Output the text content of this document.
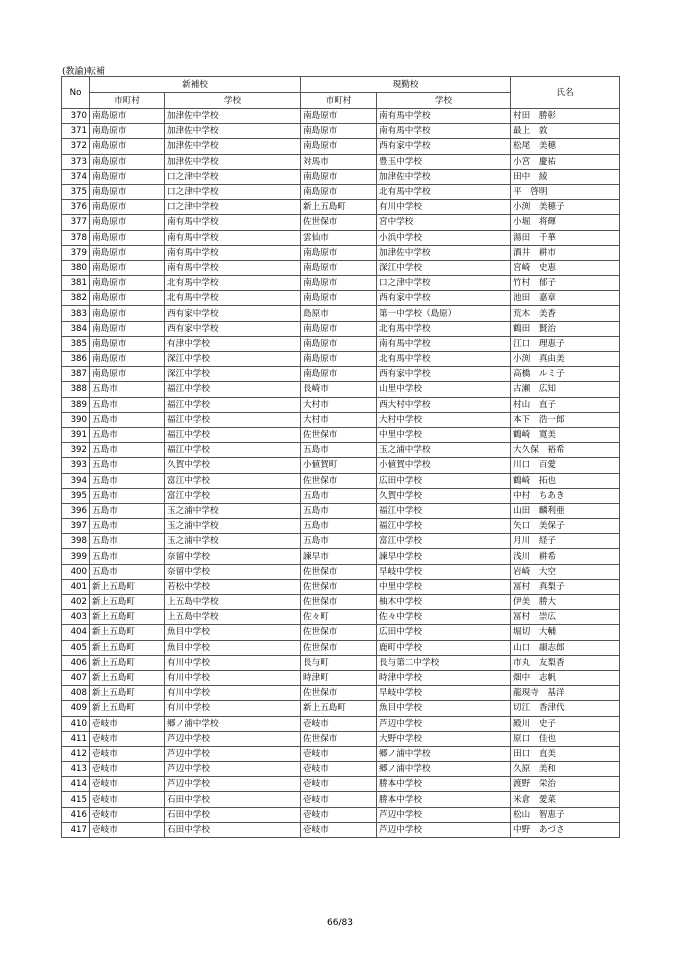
(教諭)転補
No	新補校		現勤校		氏名
	市町村	学校	市町村	学校	
370	南島原市	加津佐中学校	南島原市	南有馬中学校	村田　勝彰
371	南島原市	加津佐中学校	南島原市	南有馬中学校	最上　敦
372	南島原市	加津佐中学校	南島原市	西有家中学校	松尾　美穂
373	南島原市	加津佐中学校	対馬市	豊玉中学校	小宮　慶祐
374	南島原市	口之津中学校	南島原市	加津佐中学校	田中　綾
375	南島原市	口之津中学校	南島原市	北有馬中学校	平　啓明
376	南島原市	口之津中学校	新上五島町	有川中学校	小渕　美穂子
377	南島原市	南有馬中学校	佐世保市	宮中学校	小堀　将輝
378	南島原市	南有馬中学校	雲仙市	小浜中学校	湯田　千華
379	南島原市	南有馬中学校	南島原市	加津佐中学校	酒井　耕市
380	南島原市	南有馬中学校	南島原市	深江中学校	宮崎　史恵
381	南島原市	北有馬中学校	南島原市	口之津中学校	竹村　郁子
382	南島原市	北有馬中学校	南島原市	西有家中学校	池田　嘉章
383	南島原市	西有家中学校	島原市	第一中学校（島原）	荒木　美香
384	南島原市	西有家中学校	南島原市	北有馬中学校	鶴田　賢治
385	南島原市	有津中学校	南島原市	南有馬中学校	江口　理恵子
386	南島原市	深江中学校	南島原市	北有馬中学校	小渕　真由美
387	南島原市	深江中学校	南島原市	西有家中学校	高橋　ルミ子
388	五島市	福江中学校	長崎市	山里中学校	古瀬　広知
389	五島市	福江中学校	大村市	西大村中学校	村山　直子
390	五島市	福江中学校	大村市	大村中学校	本下　浩一郎
391	五島市	福江中学校	佐世保市	中里中学校	鶴崎　寛美
392	五島市	福江中学校	五島市	玉之浦中学校	大久保　裕希
393	五島市	久賀中学校	小値賀町	小値賀中学校	川口　百愛
394	五島市	富江中学校	佐世保市	広田中学校	鶴崎　拓也
395	五島市	富江中学校	五島市	久賀中学校	中村　ちあき
396	五島市	玉之浦中学校	五島市	福江中学校	山田　麟利亜
397	五島市	玉之浦中学校	五島市	福江中学校	矢口　美保子
398	五島市	玉之浦中学校	五島市	富江中学校	月川　経子
399	五島市	奈留中学校	諫早市	諫早中学校	浅川　耕希
400	五島市	奈留中学校	佐世保市	早岐中学校	岩崎　大空
401	新上五島町	若松中学校	佐世保市	中里中学校	冨村　真梨子
402	新上五島町	上五島中学校	佐世保市	柚木中学校	伊美　勝大
403	新上五島町	上五島中学校	佐々町	佐々中学校	冨村　崇広
404	新上五島町	魚目中学校	佐世保市	広田中学校	堀切　大輔
405	新上五島町	魚目中学校	佐世保市	鹿町中学校	山口　韻志郎
406	新上五島町	有川中学校	長与町	長与第二中学校	市丸　友梨香
407	新上五島町	有川中学校	時津町	時津中学校	畑中　志帆
408	新上五島町	有川中学校	佐世保市	早岐中学校	龍現寺　基洋
409	新上五島町	有川中学校	新上五島町	魚目中学校	切江　香津代
410	壱岐市	郷ノ浦中学校	壱岐市	芦辺中学校	殿川　史子
411	壱岐市	芦辺中学校	佐世保市	大野中学校	原口　佳也
412	壱岐市	芦辺中学校	壱岐市	郷ノ浦中学校	田口　直美
413	壱岐市	芦辺中学校	壱岐市	郷ノ浦中学校	久原　美和
414	壱岐市	芦辺中学校	壱岐市	勝本中学校	渡野　栄治
415	壱岐市	石田中学校	壱岐市	勝本中学校	米倉　愛菜
416	壱岐市	石田中学校	壱岐市	芦辺中学校	松山　智恵子
417	壱岐市	石田中学校	壱岐市	芦辺中学校	中野　あづさ
66/83
